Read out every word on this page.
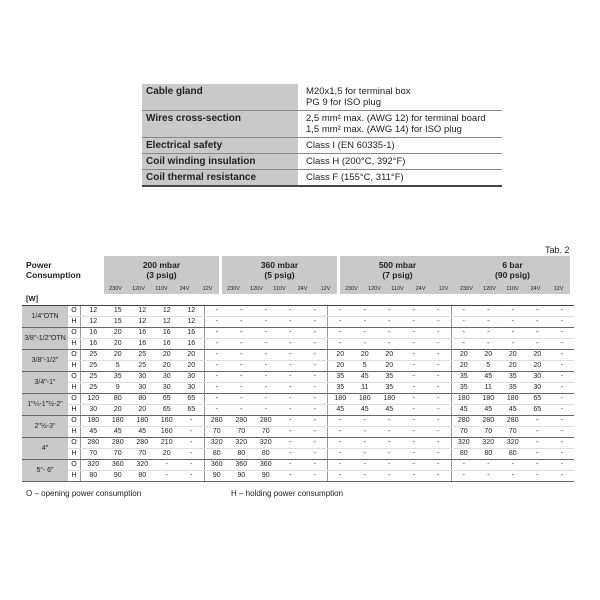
Cable gland	M20x1,5 for terminal box
PG 9 for ISO plug
Wires cross-section	2,5 mm² max. (AWG 12) for terminal board
1,5 mm² max. (AWG 14) for ISO plug
Electrical safety	Class I (EN 60335-1)
Coil winding insulation	Class H (200°C, 392°F)
Coil thermal resistance	Class F (155°C, 311°F)
Tab. 2
Power
Consumption
200 mbar
(3 psig)
230V	120V	110V	24V	12V
360 mbar
(5 psig)
230V	120V	110V	24V	12V
500 mbar
(7 psig)
230V	120V	110V	24V	12V
6 bar
(90 psig)
230V	120V	110V	24V	12V
[W]
1/4" OTN
O	12	15	12	12	12	-	-	-	-	-	-	-	-	-	-	-	-	-	-	-
H	12	15	12	12	12	-	-	-	-	-	-	-	-	-	-	-	-	-	-	-
3/8"-1/2" OTN
O	16	20	16	16	16	-	-	-	-	-	-	-	-	-	-	-	-	-	-	-
H	16	20	16	16	16	-	-	-	-	-	-	-	-	-	-	-	-	-	-	-
3/8"-1/2"
O	25	20	25	20	20	-	-	-	-	-	20	20	20	-	-	20	20	20	20	-
H	25	5	25	20	20	-	-	-	-	-	20	5	20	-	-	20	5	20	20	-
3/4"-1"
O	25	35	30	30	30	-	-	-	-	-	35	45	35	-	-	35	45	35	30	-
H	25	9	30	30	30	-	-	-	-	-	35	11	35	-	-	35	11	35	30	-
1"¼-1"½-2"
O	120	80	80	65	65	-	-	-	-	-	180	180	180	-	-	180	180	180	65	-
H	30	20	20	65	65	-	-	-	-	-	45	45	45	-	-	45	45	45	65	-
2"½-3"
O	180	180	180	160	-	280	280	280	-	-	-	-	-	-	-	280	280	280	-	-
H	45	45	45	160	-	70	70	70	-	-	-	-	-	-	-	70	70	70	-	-
4"
O	280	280	280	210	-	320	320	320	-	-	-	-	-	-	-	320	320	320	-	-
H	70	70	70	20	-	80	80	80	-	-	-	-	-	-	-	80	80	80	-	-
5"- 6"
O	320	360	320	-	-	360	360	360	-	-	-	-	-	-	-	-	-	-	-	-
H	80	90	80	-	-	90	90	90	-	-	-	-	-	-	-	-	-	-	-	-
O – opening power consumption	H – holding power consumption
